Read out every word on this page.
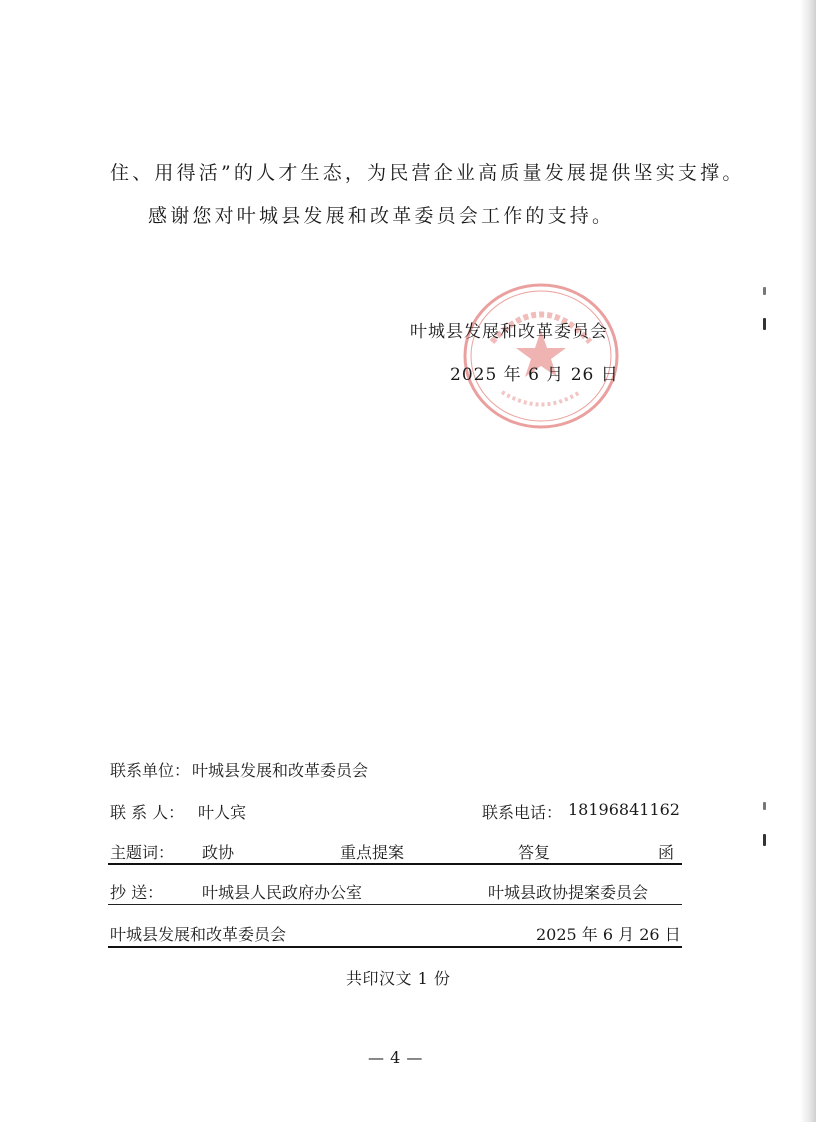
住、用得活”的人才生态，为民营企业高质量发展提供坚实支撑。
感谢您对叶城县发展和改革委员会工作的支持。
叶城县发展和改革委员会
2025 年 6 月 26 日
联系单位： 叶城县发展和改革委员会
联 系 人： 叶人宾	联系电话： 18196841162
主题词： 政协	重点提案	答复	函
抄 送： 叶城县人民政府办公室	叶城县政协提案委员会
叶城县发展和改革委员会	2025 年 6 月 26 日
共印汉文 1 份
— 4 —
